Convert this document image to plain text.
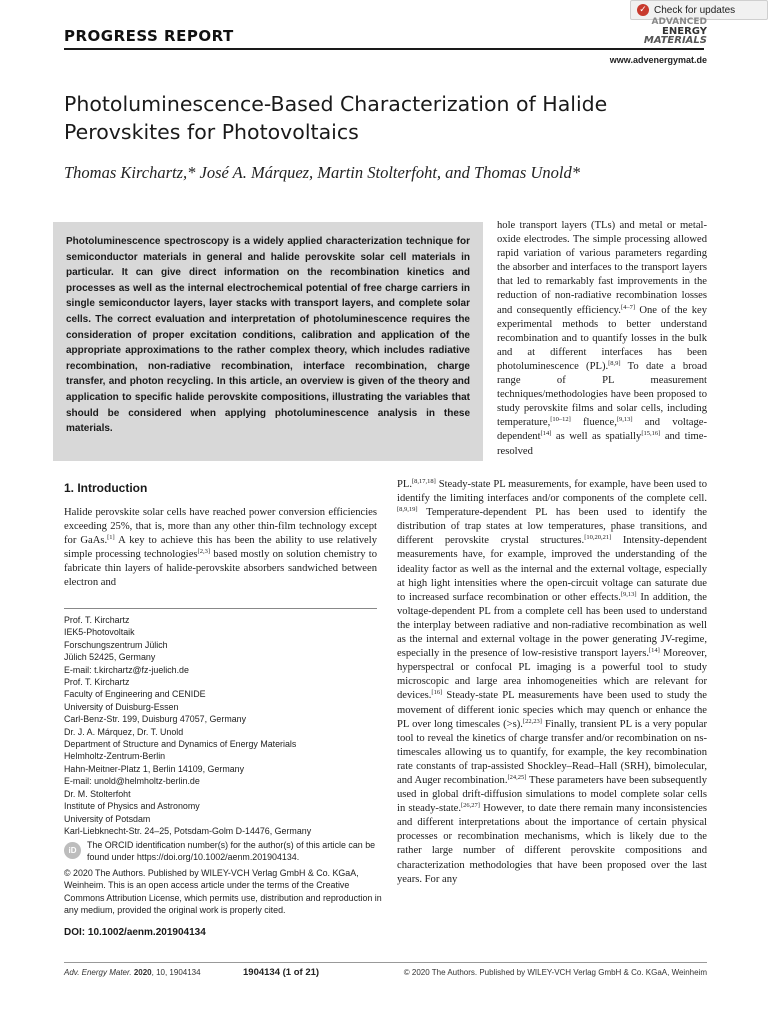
PROGRESS REPORT
✓ Check for updates
ADVANCED
ENERGY
MATERIALS
www.advenergymat.de
Photoluminescence-Based Characterization of Halide Perovskites for Photovoltaics
Thomas Kirchartz,* José A. Márquez, Martin Stolterfoht, and Thomas Unold*

Photoluminescence spectroscopy is a widely applied characterization technique for semiconductor materials in general and halide perovskite solar cell materials in particular. It can give direct information on the recombination kinetics and processes as well as the internal electrochemical potential of free charge carriers in single semiconductor layers, layer stacks with transport layers, and complete solar cells. The correct evaluation and interpretation of photoluminescence requires the consideration of proper excitation conditions, calibration and application of the appropriate approximations to the rather complex theory, which includes radiative recombination, non-radiative recombination, interface recombination, charge transfer, and photon recycling. In this article, an overview is given of the theory and application to specific halide perovskite compositions, illustrating the variables that should be considered when applying photoluminescence analysis in these materials.

hole transport layers (TLs) and metal or metal-oxide electrodes. The simple processing allowed rapid variation of various parameters regarding the absorber and interfaces to the transport layers that led to remarkably fast improvements in the reduction of non-radiative recombination losses and consequently efficiency.[4–7] One of the key experimental methods to better understand recombination and to quantify losses in the bulk and at different interfaces has been photoluminescence (PL).[8,9] To date a broad range of PL measurement techniques/methodologies have been proposed to study perovskite films and solar cells, including temperature,[10–12] fluence,[9,13] and voltage-dependent[14] as well as spatially[15,16] and time-resolved
PL.[8,17,18] Steady-state PL measurements, for example, have been used to identify the limiting interfaces and/or components of the complete cell.[8,9,19] Temperature-dependent PL has been used to identify the distribution of trap states at low temperatures, phase transitions, and different perovskite crystal structures.[10,20,21] Intensity-dependent measurements have, for example, improved the understanding of the ideality factor as well as the internal and the external voltage, especially at high light intensities where the open-circuit voltage can saturate due to increased surface recombination or other effects.[9,13] In addition, the voltage-dependent PL from a complete cell has been used to understand the interplay between radiative and non-radiative recombination as well as the internal and external voltage in the power generating JV-regime, especially in the presence of low-resistive transport layers.[14] Moreover, hyperspectral or confocal PL imaging is a powerful tool to study microscopic and large area inhomogeneities which are relevant for devices.[16] Steady-state PL measurements have been used to study the movement of different ionic species which may quench or enhance the PL over long timescales (>s).[22,23] Finally, transient PL is a very popular tool to reveal the kinetics of charge transfer and/or recombination on ns-timescales allowing us to quantify, for example, the key recombination rate constants of trap-assisted Shockley–Read–Hall (SRH), bimolecular, and Auger recombination.[24,25] These parameters have been subsequently used in global drift-diffusion simulations to model complete solar cells in steady-state.[26,27] However, to date there remain many inconsistencies and different interpretations about the importance of certain physical processes or recombination mechanisms, which is likely due to the rather large number of different perovskite compositions and characterization methodologies that have been proposed over the last years. For any
1. Introduction
Halide perovskite solar cells have reached power conversion efficiencies exceeding 25%, that is, more than any other thin-film technology except for GaAs.[1] A key to achieve this has been the ability to use relatively simple processing technologies[2,3] based mostly on solution chemistry to fabricate thin layers of halide-perovskite absorbers sandwiched between electron and
Prof. T. Kirchartz
IEK5-Photovoltaik
Forschungszentrum Jülich
Jülich 52425, Germany
E-mail: t.kirchartz@fz-juelich.de
Prof. T. Kirchartz
Faculty of Engineering and CENIDE
University of Duisburg-Essen
Carl-Benz-Str. 199, Duisburg 47057, Germany
Dr. J. A. Márquez, Dr. T. Unold
Department of Structure and Dynamics of Energy Materials
Helmholtz-Zentrum-Berlin
Hahn-Meitner-Platz 1, Berlin 14109, Germany
E-mail: unold@helmholtz-berlin.de
Dr. M. Stolterfoht
Institute of Physics and Astronomy
University of Potsdam
Karl-Liebknecht-Str. 24–25, Potsdam-Golm D-14476, Germany
iD
The ORCID identification number(s) for the author(s) of this article can be found under https://doi.org/10.1002/aenm.201904134.
© 2020 The Authors. Published by WILEY-VCH Verlag GmbH & Co. KGaA, Weinheim. This is an open access article under the terms of the Creative Commons Attribution License, which permits use, distribution and reproduction in any medium, provided the original work is properly cited.
DOI: 10.1002/aenm.201904134
Adv. Energy Mater. 2020, 10, 1904134	1904134 (1 of 21)	© 2020 The Authors. Published by WILEY-VCH Verlag GmbH & Co. KGaA, Weinheim
